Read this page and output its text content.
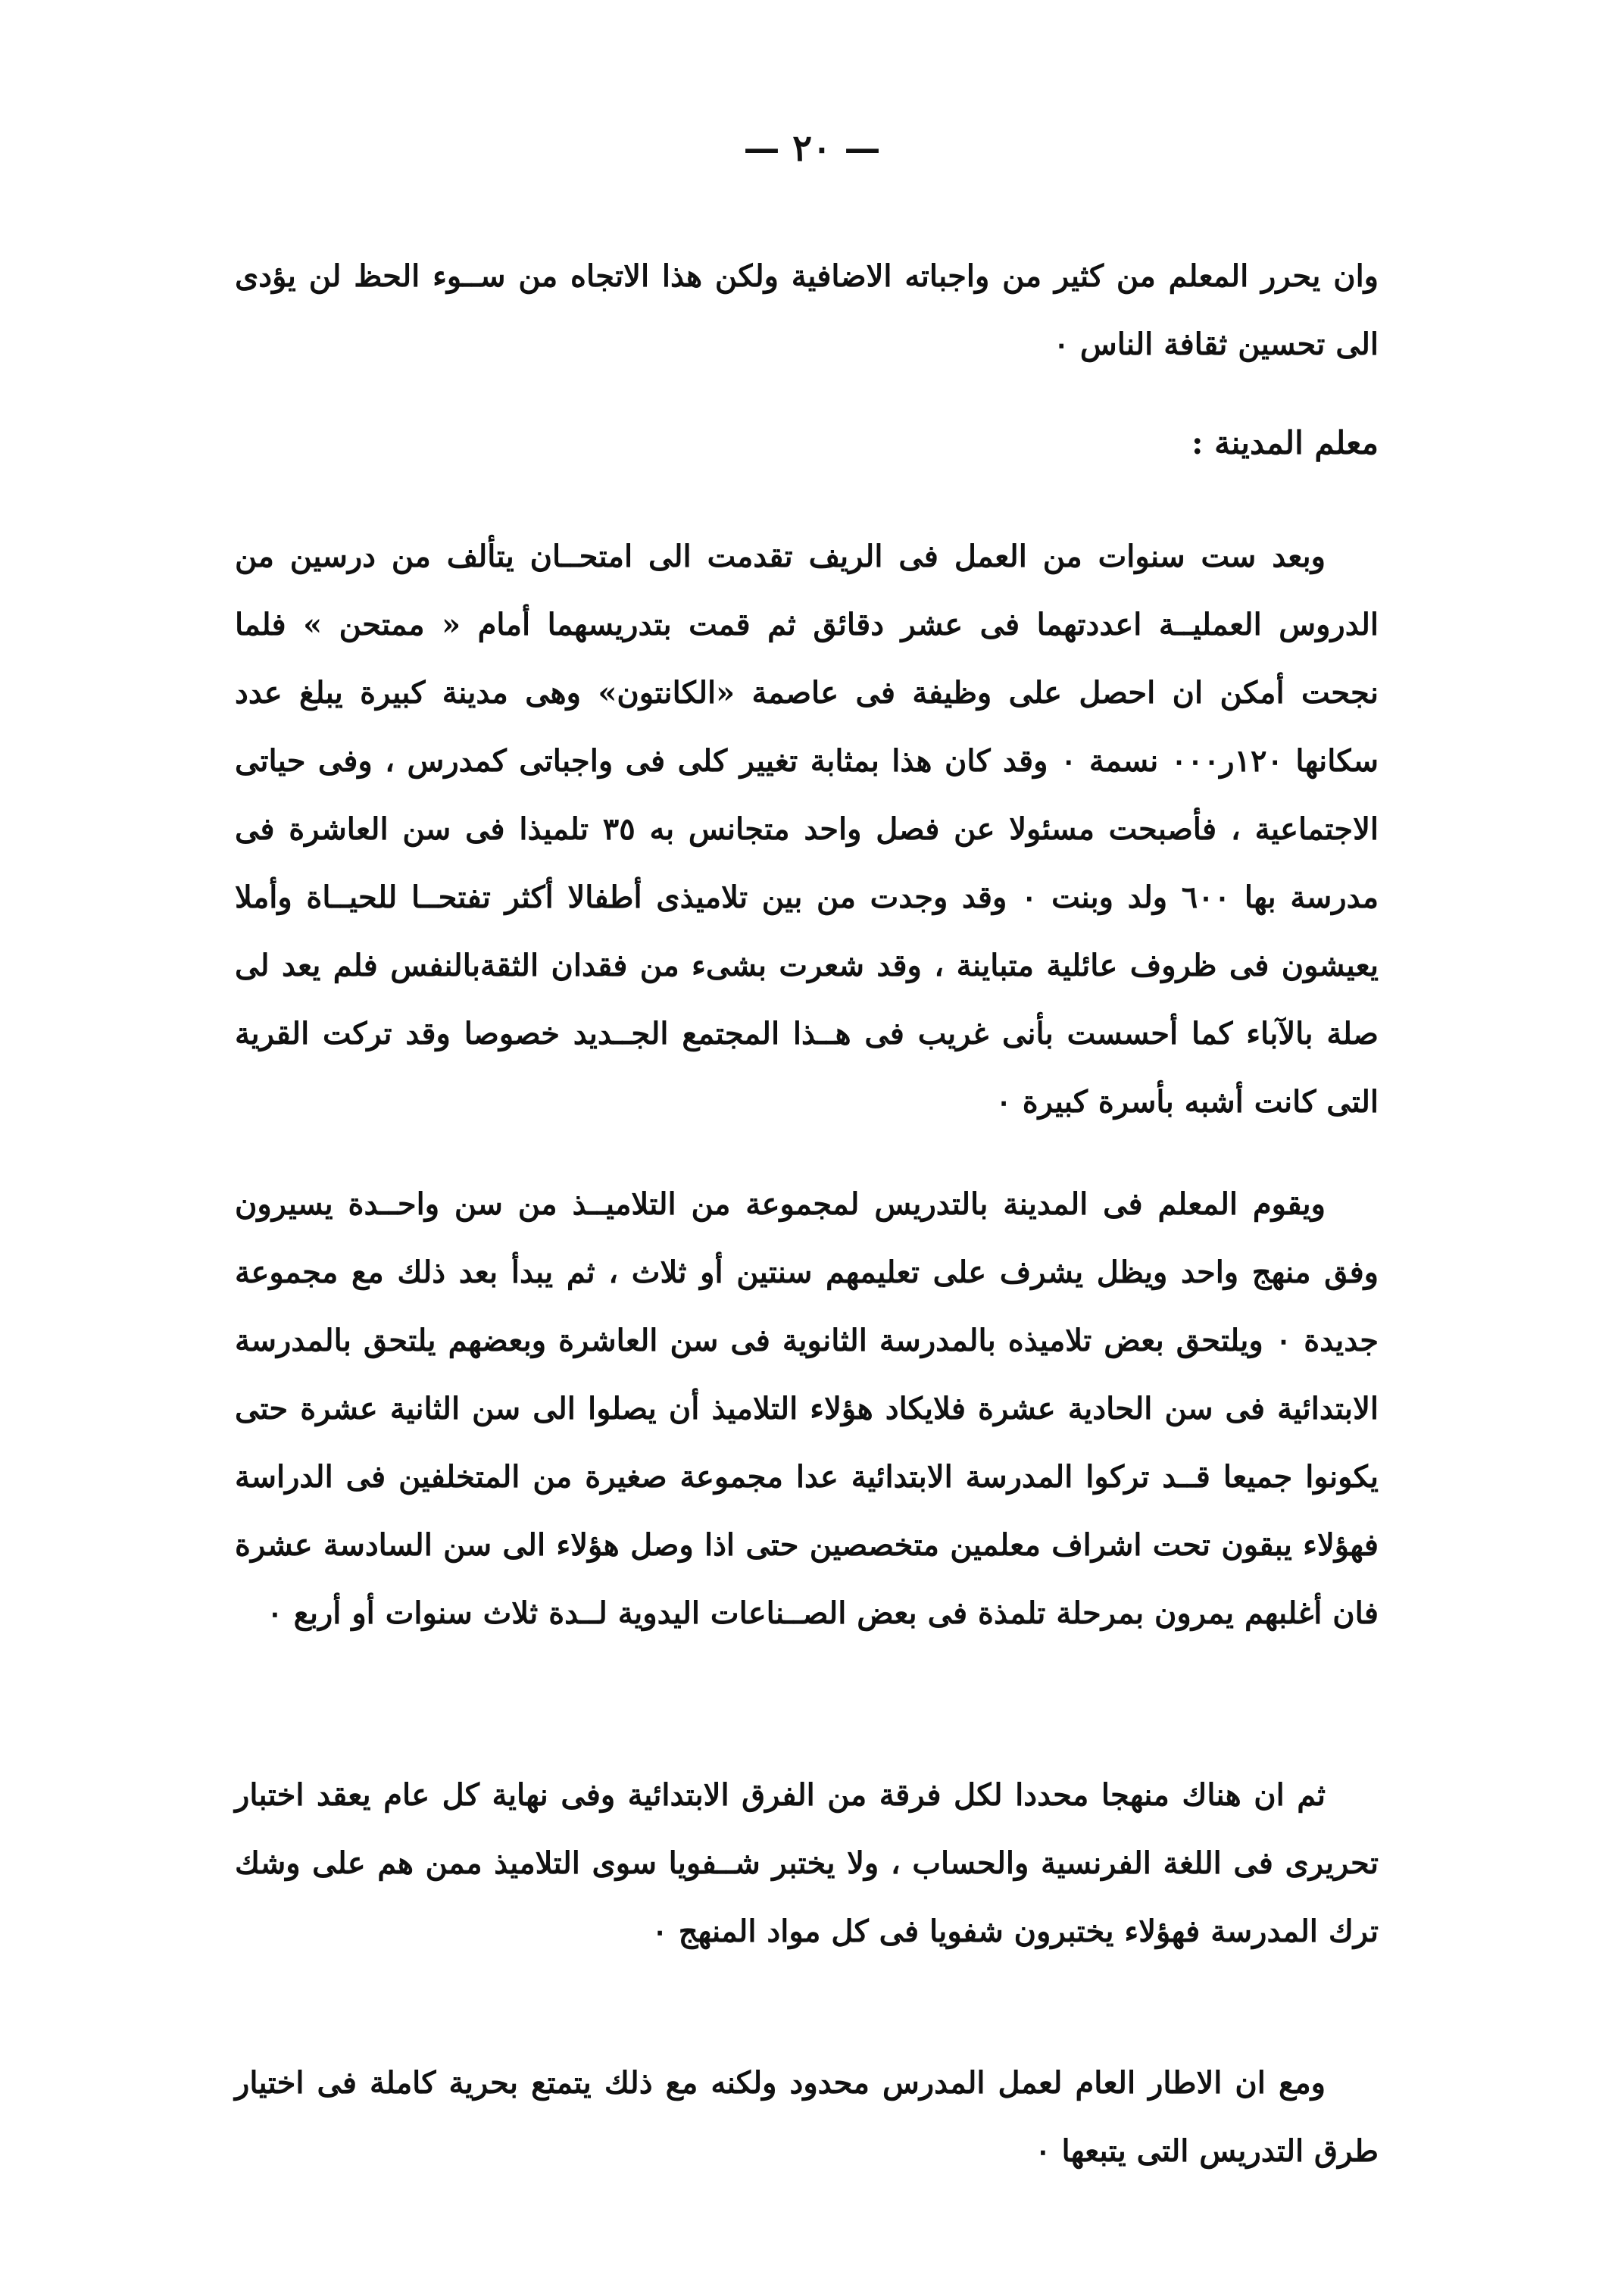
— ٢٠ —
وان يحرر المعلم من كثير من واجباته الاضافية ولكن هذا الاتجاه من ســوء الحظ لن يؤدى الى تحسين ثقافة الناس ٠
معلم المدينة :
وبعد ست سنوات من العمل فى الريف تقدمت الى امتحــان يتألف من درسين من الدروس العمليــة اعددتهما فى عشر دقائق ثم قمت بتدريسهما أمام « ممتحن » فلما نجحت أمكن ان احصل على وظيفة فى عاصمة «الكانتون» وهى مدينة كبيرة يبلغ عدد سكانها ١٢٠ر٠٠٠ نسمة ٠ وقد كان هذا بمثابة تغيير كلى فى واجباتى كمدرس ، وفى حياتى الاجتماعية ، فأصبحت مسئولا عن فصل واحد متجانس به ٣٥ تلميذا فى سن العاشرة فى مدرسة بها ٦٠٠ ولد وبنت ٠ وقد وجدت من بين تلاميذى أطفالا أكثر تفتحــا للحيــاة وأملا يعيشون فى ظروف عائلية متباينة ، وقد شعرت بشىء من فقدان الثقةبالنفس فلم يعد لى صلة بالآباء كما أحسست بأنى غريب فى هــذا المجتمع الجــديد خصوصا وقد تركت القرية التى كانت أشبه بأسرة كبيرة ٠
ويقوم المعلم فى المدينة بالتدريس لمجموعة من التلاميــذ من سن واحــدة يسيرون وفق منهج واحد ويظل يشرف على تعليمهم سنتين أو ثلاث ، ثم يبدأ بعد ذلك مع مجموعة جديدة ٠ ويلتحق بعض تلاميذه بالمدرسة الثانوية فى سن العاشرة وبعضهم يلتحق بالمدرسة الابتدائية فى سن الحادية عشرة فلايكاد هؤلاء التلاميذ أن يصلوا الى سن الثانية عشرة حتى يكونوا جميعا قــد تركوا المدرسة الابتدائية عدا مجموعة صغيرة من المتخلفين فى الدراسة فهؤلاء يبقون تحت اشراف معلمين متخصصين حتى اذا وصل هؤلاء الى سن السادسة عشرة فان أغلبهم يمرون بمرحلة تلمذة فى بعض الصــناعات اليدوية لــدة ثلاث سنوات أو أربع ٠
ثم ان هناك منهجا محددا لكل فرقة من الفرق الابتدائية وفى نهاية كل عام يعقد اختبار تحريرى فى اللغة الفرنسية والحساب ، ولا يختبر شــفويا سوى التلاميذ ممن هم على وشك ترك المدرسة فهؤلاء يختبرون شفويا فى كل مواد المنهج ٠
ومع ان الاطار العام لعمل المدرس محدود ولكنه مع ذلك يتمتع بحرية كاملة فى اختيار طرق التدريس التى يتبعها ٠
